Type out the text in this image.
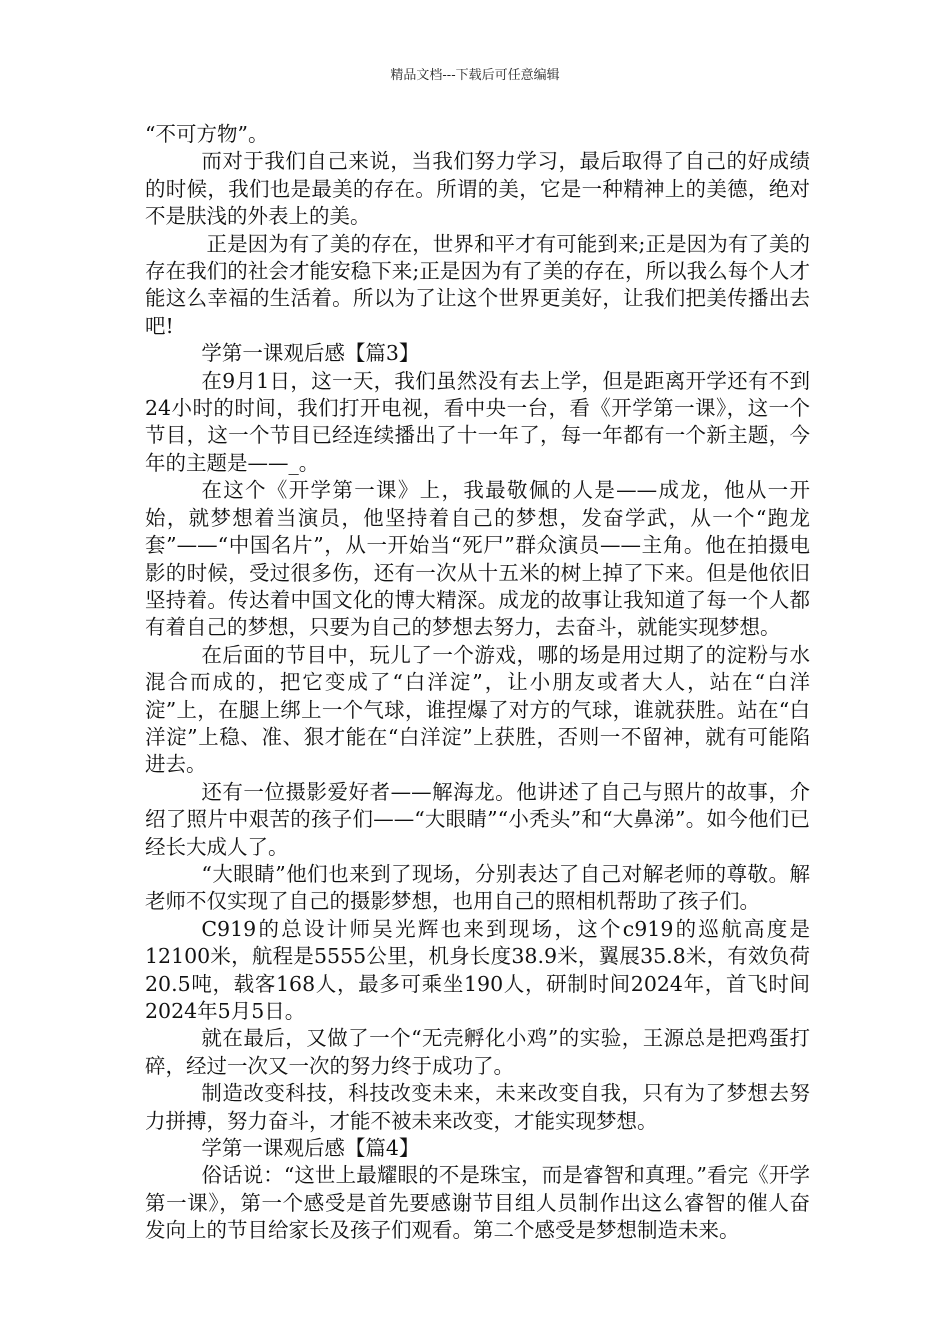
精品文档---下载后可任意编辑

“不可方物”。

而对于我们自己来说，当我们努力学习，最后取得了自己的好成绩的时候，我们也是最美的存在。所谓的美，它是一种精神上的美德，绝对不是肤浅的外表上的美。

正是因为有了美的存在，世界和平才有可能到来;正是因为有了美的存在我们的社会才能安稳下来;正是因为有了美的存在，所以我么每个人才能这么幸福的生活着。所以为了让这个世界更美好，让我们把美传播出去吧!

学第一课观后感【篇3】

在9月1日，这一天，我们虽然没有去上学，但是距离开学还有不到24小时的时间，我们打开电视，看中央一台，看《开学第一课》，这一个节目，这一个节目已经连续播出了十一年了，每一年都有一个新主题，今年的主题是——_。

在这个《开学第一课》上，我最敬佩的人是——成龙，他从一开始，就梦想着当演员，他坚持着自己的梦想，发奋学武，从一个“跑龙套”——“中国名片”，从一开始当“死尸”群众演员——主角。他在拍摄电影的时候，受过很多伤，还有一次从十五米的树上掉了下来。但是他依旧坚持着。传达着中国文化的博大精深。成龙的故事让我知道了每一个人都有着自己的梦想，只要为自己的梦想去努力，去奋斗，就能实现梦想。

在后面的节目中，玩儿了一个游戏，哪的场是用过期了的淀粉与水混合而成的，把它变成了“白洋淀”，让小朋友或者大人，站在“白洋淀”上，在腿上绑上一个气球，谁捏爆了对方的气球，谁就获胜。站在“白洋淀”上稳、准、狠才能在“白洋淀”上获胜，否则一不留神，就有可能陷进去。

还有一位摄影爱好者——解海龙。他讲述了自己与照片的故事，介绍了照片中艰苦的孩子们——“大眼睛”“小秃头”和“大鼻涕”。如今他们已经长大成人了。

“大眼睛”他们也来到了现场，分别表达了自己对解老师的尊敬。解老师不仅实现了自己的摄影梦想，也用自己的照相机帮助了孩子们。

C919的总设计师吴光辉也来到现场，这个c919的巡航高度是12100米，航程是5555公里，机身长度38.9米，翼展35.8米，有效负荷20.5吨，载客168人，最多可乘坐190人，研制时间2024年，首飞时间2024年5月5日。

就在最后，又做了一个“无壳孵化小鸡”的实验，王源总是把鸡蛋打碎，经过一次又一次的努力终于成功了。

制造改变科技，科技改变未来，未来改变自我，只有为了梦想去努力拼搏，努力奋斗，才能不被未来改变，才能实现梦想。

学第一课观后感【篇4】

俗话说：“这世上最耀眼的不是珠宝，而是睿智和真理。”看完《开学第一课》，第一个感受是首先要感谢节目组人员制作出这么睿智的催人奋发向上的节目给家长及孩子们观看。第二个感受是梦想制造未来。
